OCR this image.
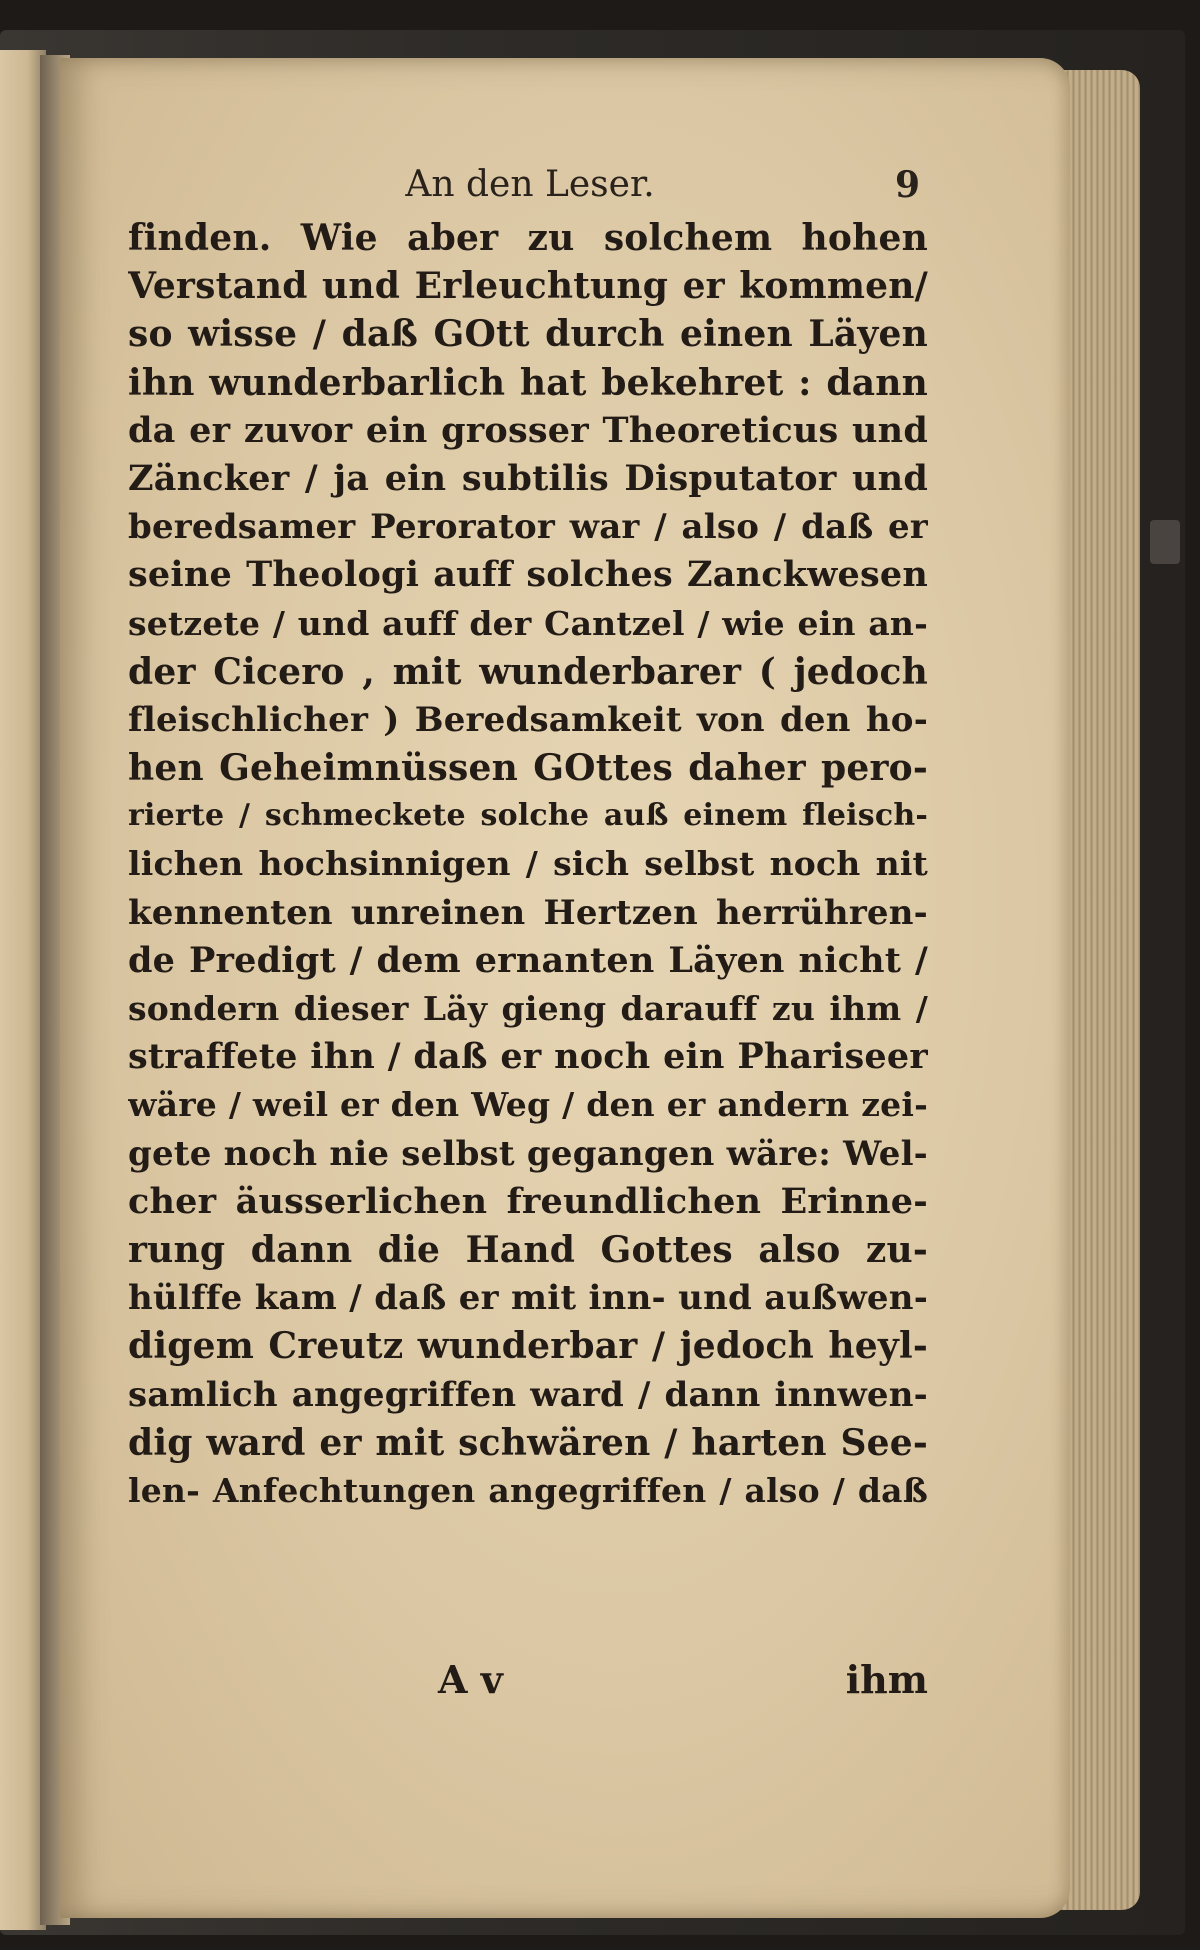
An den Leser.	9
finden. Wie aber zu solchem hohen
Verstand und Erleuchtung er kommen/
so wisse / daß GOtt durch einen Läyen
ihn wunderbarlich hat bekehret : dann
da er zuvor ein grosser Theoreticus und
Zäncker / ja ein subtilis Disputator und
beredsamer Perorator war / also / daß er
seine Theologi auff solches Zanckwesen
setzete / und auff der Cantzel / wie ein an-
der Cicero , mit wunderbarer ( jedoch
fleischlicher ) Beredsamkeit von den ho-
hen Geheimnüssen GOttes daher pero-
rierte / schmeckete solche auß einem fleisch-
lichen hochsinnigen / sich selbst noch nit
kennenten unreinen Hertzen herrühren-
de Predigt / dem ernanten Läyen nicht /
sondern dieser Läy gieng darauff zu ihm /
straffete ihn / daß er noch ein Phariseer
wäre / weil er den Weg / den er andern zei-
gete noch nie selbst gegangen wäre: Wel-
cher äusserlichen freundlichen Erinne-
rung dann die Hand Gottes also zu-
hülffe kam / daß er mit inn- und außwen-
digem Creutz wunderbar / jedoch heyl-
samlich angegriffen ward / dann innwen-
dig ward er mit schwären / harten See-
len- Anfechtungen angegriffen / also / daß
A v	ihm
